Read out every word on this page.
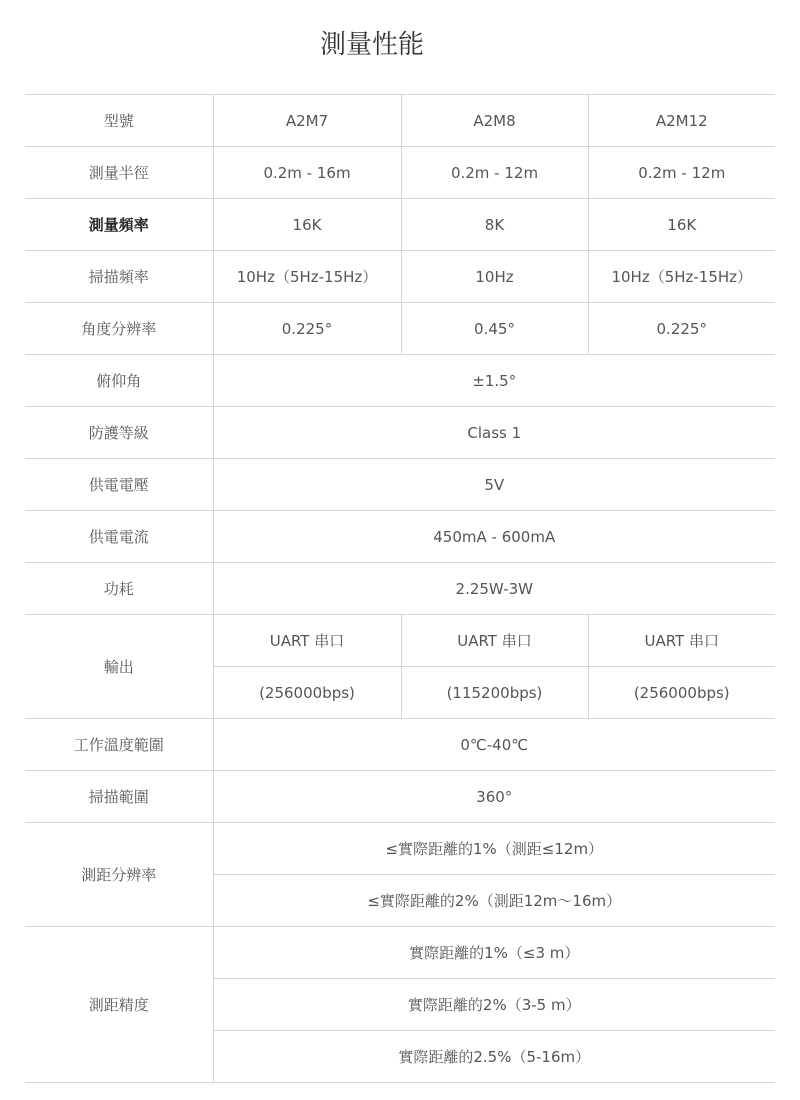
測量性能
型號	A2M7	A2M8	A2M12
測量半徑	0.2m - 16m	0.2m - 12m	0.2m - 12m
測量頻率	16K	8K	16K
掃描頻率	10Hz（5Hz-15Hz）	10Hz	10Hz（5Hz-15Hz）
角度分辨率	0.225°	0.45°	0.225°
俯仰角	±1.5°		
防護等級	Class 1		
供電電壓	5V		
供電電流	450mA - 600mA		
功耗	2.25W-3W		
輸出	UART 串口	UART 串口	UART 串口
	(256000bps)	(115200bps)	(256000bps)
工作溫度範圍	0℃-40℃		
掃描範圍	360°		
測距分辨率	≤實際距離的1%（測距≤12m）		
	≤實際距離的2%（測距12m～16m）		
測距精度	實際距離的1%（≤3 m）		
	實際距離的2%（3-5 m）		
	實際距離的2.5%（5-16m）		
